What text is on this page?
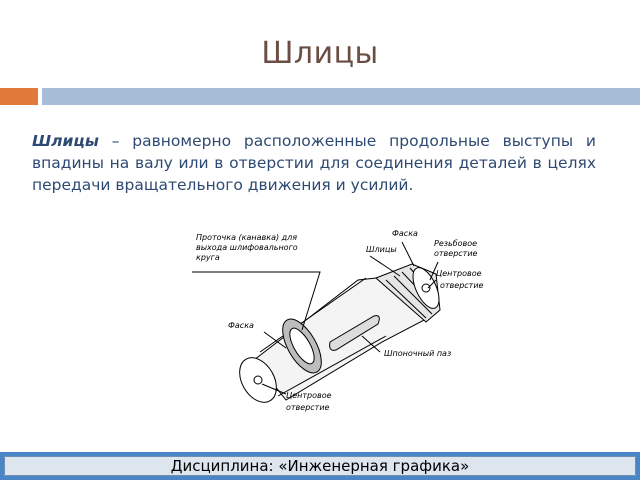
Шлицы
Шлицы – равномерно расположенные продольные выступы и впадины на валу или в отверстии для соединения деталей в целях передачи вращательного движения и усилий.
Проточка (канавка) для
выхода шлифовального
круга
Фаска
Шлицы
Резьбовое
отверстие
Центровое
отверстие
Фаска
Шпоночный паз
Центровое
отверстие
Дисциплина: «Инженерная графика»
